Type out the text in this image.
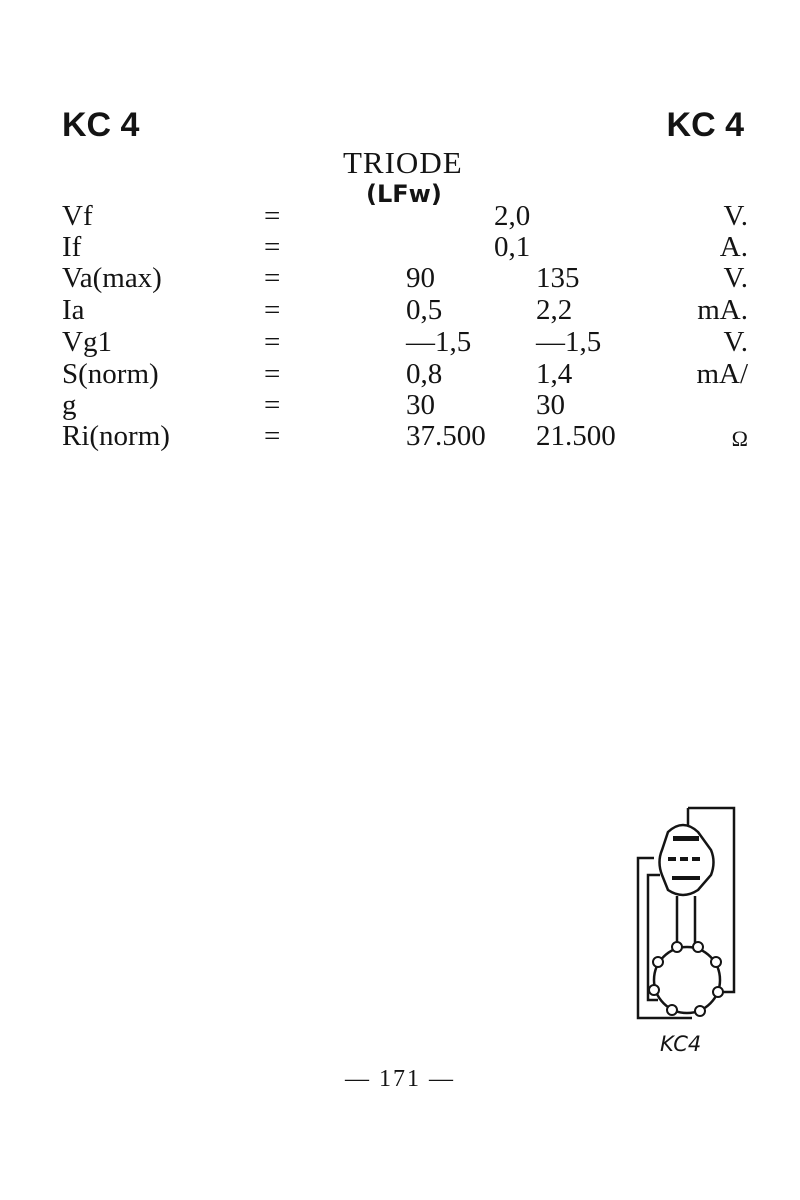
KC 4	KC 4
TRIODE
(LFw)
Vf	=	2,0	V.
If	=	0,1	A.
Va(max)	=	90	135	V.
Ia	=	0,5	2,2	mA.
Vg1	=	—1,5 —1,5	V.
S(norm)	=	0,8	1,4	mA/
g	=	30	30
Ri(norm)	=	37.500 21.500	Ω
KC4
— 171 —
